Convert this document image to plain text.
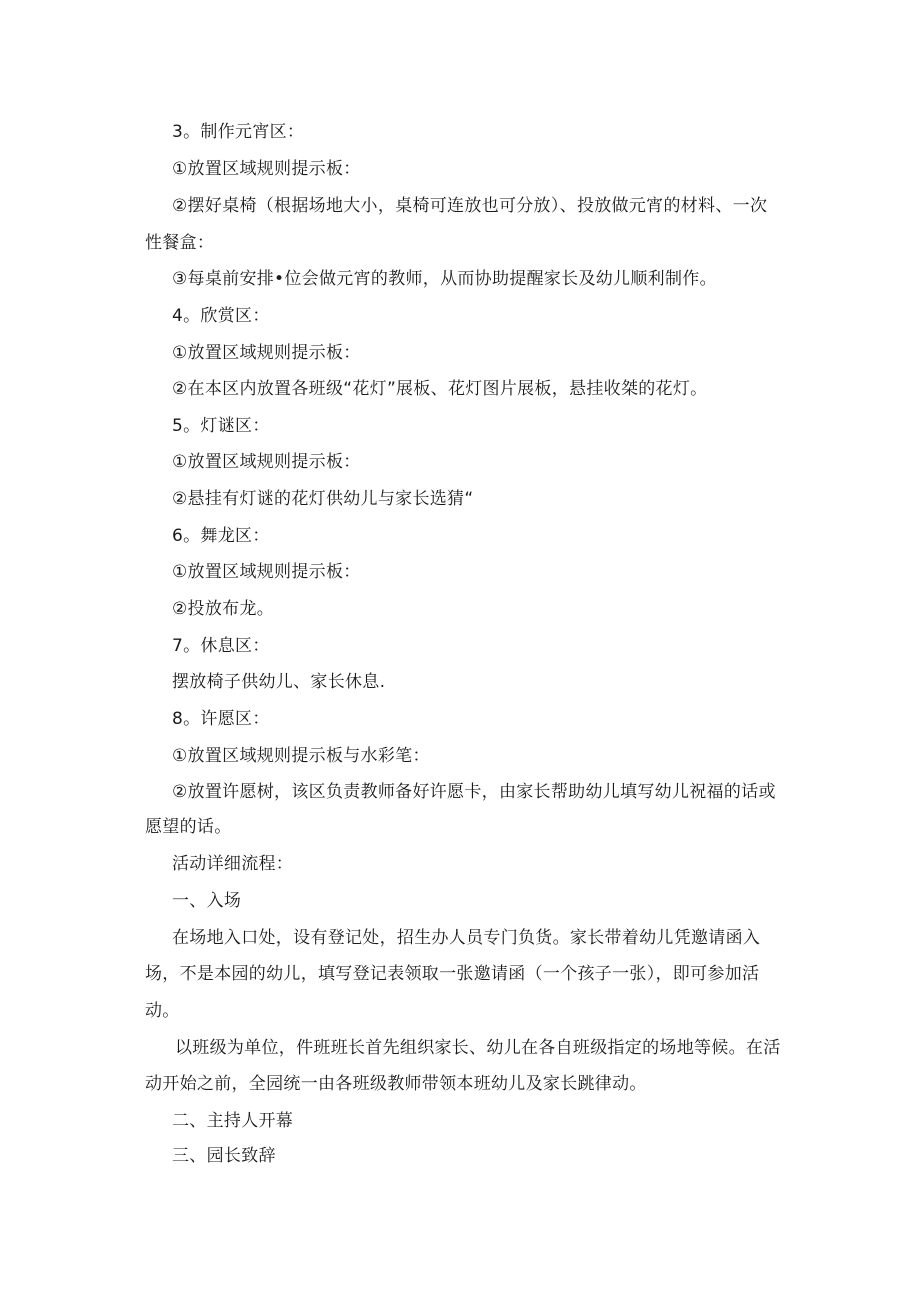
3。制作元宵区：
①放置区域规则提示板：
②摆好桌椅（根据场地大小，桌椅可连放也可分放）、投放做元宵的材料、一次
性餐盒：
③每桌前安排•位会做元宵的教师，从而协助提醒家长及幼儿顺利制作。
4。欣赏区：
①放置区域规则提示板：
②在本区内放置各班级“花灯”展板、花灯图片展板，悬挂收桀的花灯。
5。灯谜区：
①放置区域规则提示板：
②悬挂有灯谜的花灯供幼儿与家长选猜“
6。舞龙区：
①放置区域规则提示板：
②投放布龙。
7。休息区：
摆放椅子供幼儿、家长休息.
8。许愿区：
①放置区域规则提示板与水彩笔：
②放置许愿树，该区负责教师备好许愿卡，由家长帮助幼儿填写幼儿祝福的话或
愿望的话。
活动详细流程：
一、入场
在场地入口处，设有登记处，招生办人员专门负货。家长带着幼儿凭邀请函入
场，不是本园的幼儿，填写登记表领取一张邀请函（一个孩子一张），即可参加活
动。
以班级为单位，件班班长首先组织家长、幼儿在各自班级指定的场地等候。在活
动开始之前，全园统一由各班级教师带领本班幼儿及家长跳律动。
二、主持人开幕
三、园长致辞
